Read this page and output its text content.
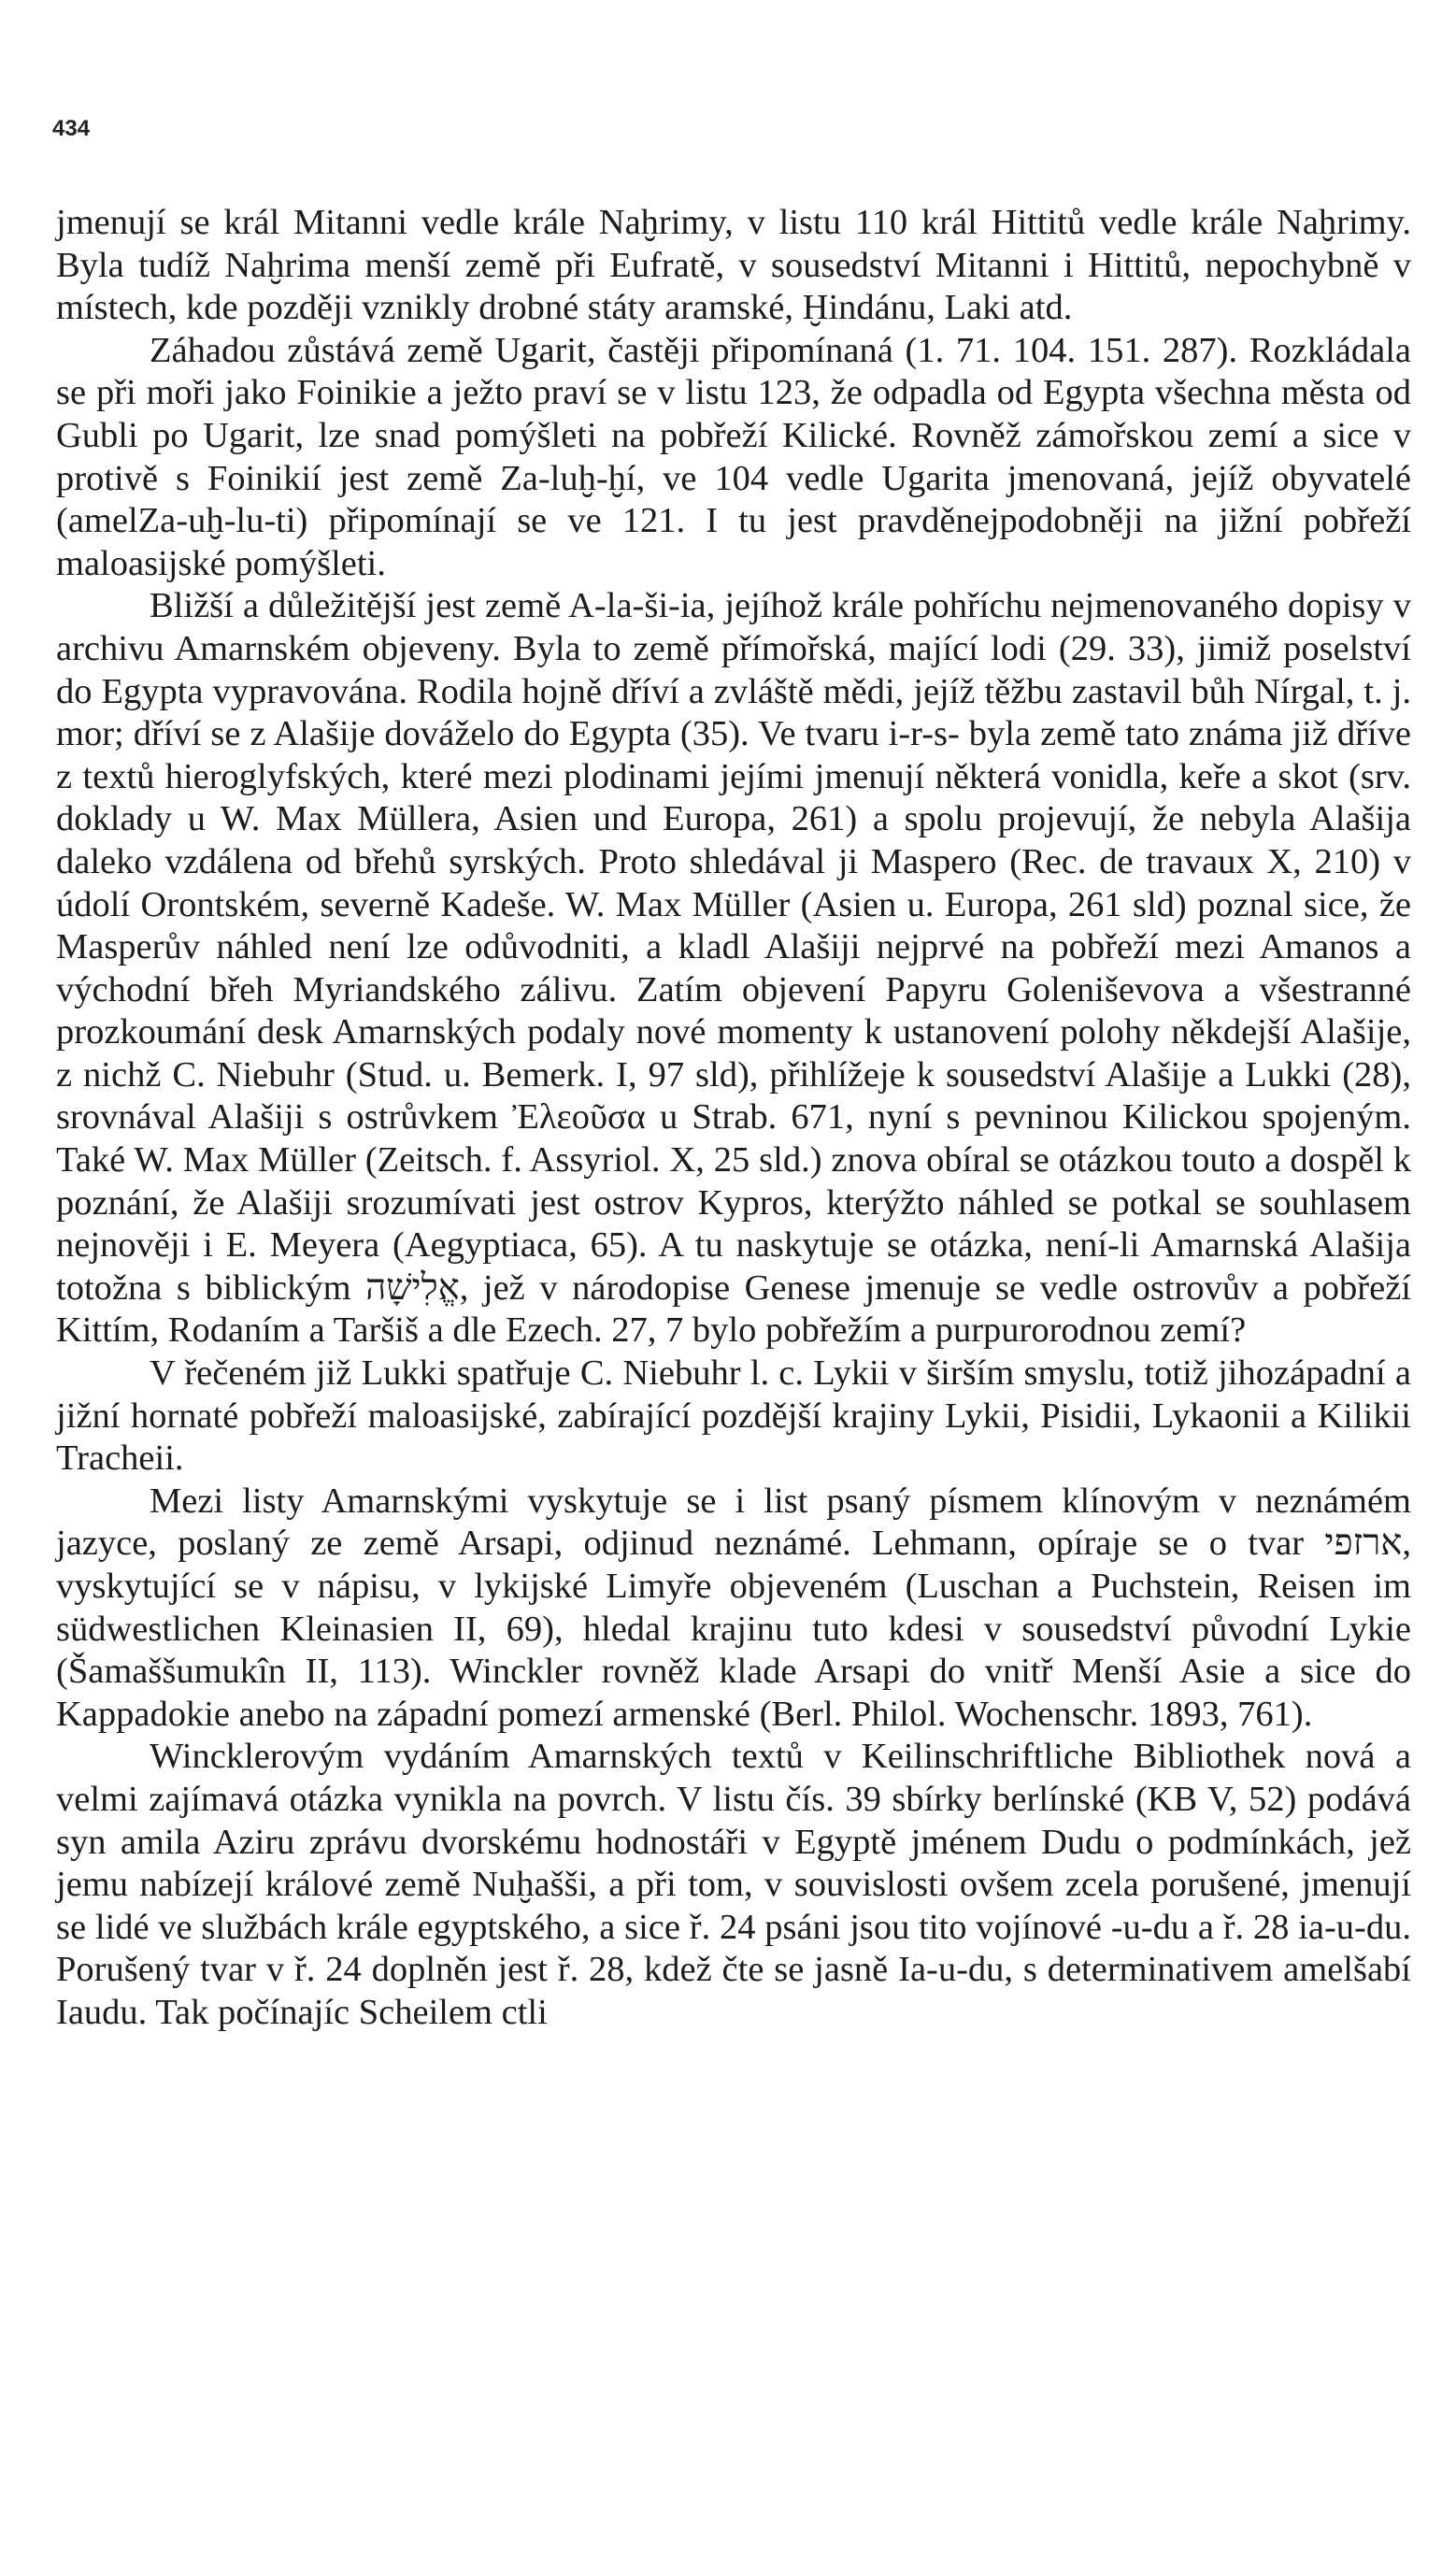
434

jmenují se král Mitanni vedle krále Naḫrimy, v listu 110 král Hittitů vedle krále Naḫrimy. Byla tudíž Naḫrima menší země při Eufratě, v sousedství Mitanni i Hittitů, nepochybně v místech, kde později vznikly drobné státy aramské, Ḫindánu, Laki atd.

Záhadou zůstává země Ugarit, častěji připomínaná (1. 71. 104. 151. 287). Rozkládala se při moři jako Foinikie a ježto praví se v listu 123, že odpadla od Egypta všechna města od Gubli po Ugarit, lze snad pomýšleti na pobřeží Kilické. Rovněž zámořskou zemí a sice v protivě s Foinikií jest země Za-luḫ-ḫí, ve 104 vedle Ugarita jmenovaná, jejíž obyvatelé (amelZa-uḫ-lu-ti) připomínají se ve 121. I tu jest pravděnejpodobněji na jižní pobřeží maloasijské pomýšleti.

Bližší a důležitější jest země A-la-ši-ia, jejíhož krále pohříchu nejmenovaného dopisy v archivu Amarnském objeveny. Byla to země přímořská, mající lodi (29. 33), jimiž poselství do Egypta vypravována. Rodila hojně dříví a zvláště mědi, jejíž těžbu zastavil bůh Nírgal, t. j. mor; dříví se z Alašije dováželo do Egypta (35). Ve tvaru i-r-s- byla země tato známa již dříve z textů hieroglyfských, které mezi plodinami jejími jmenují některá vonidla, keře a skot (srv. doklady u W. Max Müllera, Asien und Europa, 261) a spolu projevují, že nebyla Alašija daleko vzdálena od břehů syrských. Proto shledával ji Maspero (Rec. de travaux X, 210) v údolí Orontském, severně Kadeše. W. Max Müller (Asien u. Europa, 261 sld) poznal sice, že Masperův náhled není lze odůvodniti, a kladl Alašiji nejprvé na pobřeží mezi Amanos a východní břeh Myriandského zálivu. Zatím objevení Papyru Goleniševova a všestranné prozkoumání desk Amarnských podaly nové momenty k ustanovení polohy někdejší Alašije, z nichž C. Niebuhr (Stud. u. Bemerk. I, 97 sld), přihlížeje k sousedství Alašije a Lukki (28), srovnával Alašiji s ostrůvkem Ἐλεοῦσα u Strab. 671, nyní s pevninou Kilickou spojeným. Také W. Max Müller (Zeitsch. f. Assyriol. X, 25 sld.) znova obíral se otázkou touto a dospěl k poznání, že Alašiji srozumívati jest ostrov Kypros, kterýžto náhled se potkal se souhlasem nejnověji i E. Meyera (Aegyptiaca, 65). A tu naskytuje se otázka, není-li Amarnská Alašija totožna s biblickým אֱלִישָׁה, jež v národopise Genese jmenuje se vedle ostrovův a pobřeží Kittím, Rodaním a Taršiš a dle Ezech. 27, 7 bylo pobřežím a purpurorodnou zemí?

V řečeném již Lukki spatřuje C. Niebuhr l. c. Lykii v širším smyslu, totiž jihozápadní a jižní hornaté pobřeží maloasijské, zabírající pozdější krajiny Lykii, Pisidii, Lykaonii a Kilikii Tracheii.

Mezi listy Amarnskými vyskytuje se i list psaný písmem klínovým v neznámém jazyce, poslaný ze země Arsapi, odjinud neznámé. Lehmann, opíraje se o tvar ארזפי, vyskytující se v nápisu, v lykijské Limyře objeveném (Luschan a Puchstein, Reisen im südwestlichen Kleinasien II, 69), hledal krajinu tuto kdesi v sousedství původní Lykie (Šamaššumukîn II, 113). Winckler rovněž klade Arsapi do vnitř Menší Asie a sice do Kappadokie anebo na západní pomezí armenské (Berl. Philol. Wochenschr. 1893, 761).

Wincklerovým vydáním Amarnských textů v Keilinschriftliche Bibliothek nová a velmi zajímavá otázka vynikla na povrch. V listu čís. 39 sbírky berlínské (KB V, 52) podává syn amila Aziru zprávu dvorskému hodnostáři v Egyptě jménem Dudu o podmínkách, jež jemu nabízejí králové země Nuḫašši, a při tom, v souvislosti ovšem zcela porušené, jmenují se lidé ve službách krále egyptského, a sice ř. 24 psáni jsou tito vojínové -u-du a ř. 28 ia-u-du. Porušený tvar v ř. 24 doplněn jest ř. 28, kdež čte se jasně Ia-u-du, s determinativem amelšabí Iaudu. Tak počínajíc Scheilem ctli
